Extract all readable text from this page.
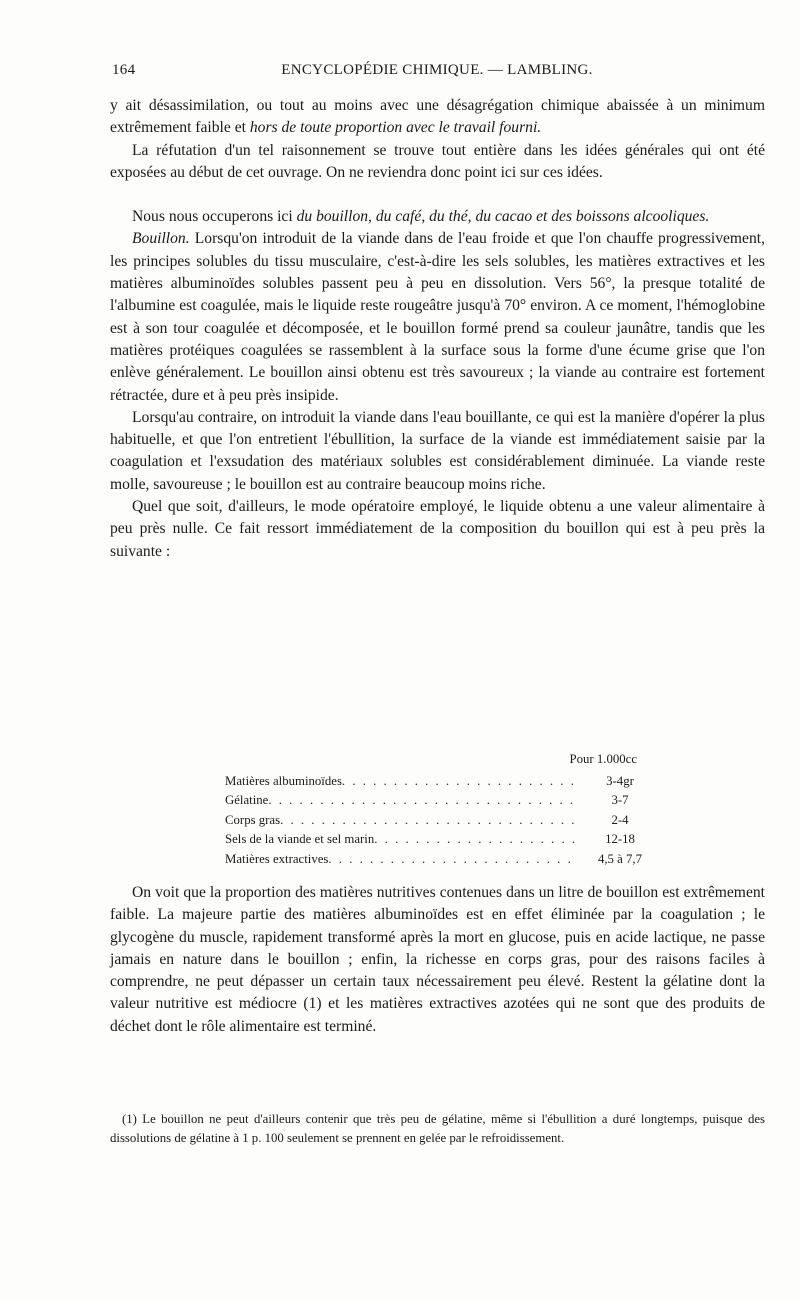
164	ENCYCLOPÉDIE CHIMIQUE. — LAMBLING.

y ait désassimilation, ou tout au moins avec une désagrégation chimique abaissée à un minimum extrêmement faible et hors de toute proportion avec le travail fourni.

La réfutation d'un tel raisonnement se trouve tout entière dans les idées générales qui ont été exposées au début de cet ouvrage. On ne reviendra donc point ici sur ces idées.

Nous nous occuperons ici du bouillon, du café, du thé, du cacao et des boissons alcooliques.

Bouillon. Lorsqu'on introduit de la viande dans de l'eau froide et que l'on chauffe progressivement, les principes solubles du tissu musculaire, c'est-à-dire les sels solubles, les matières extractives et les matières albuminoïdes solubles passent peu à peu en dissolution. Vers 56°, la presque totalité de l'albumine est coagulée, mais le liquide reste rougeâtre jusqu'à 70° environ. A ce moment, l'hémoglobine est à son tour coagulée et décomposée, et le bouillon formé prend sa couleur jaunâtre, tandis que les matières protéiques coagulées se rassemblent à la surface sous la forme d'une écume grise que l'on enlève généralement. Le bouillon ainsi obtenu est très savoureux ; la viande au contraire est fortement rétractée, dure et à peu près insipide.

Lorsqu'au contraire, on introduit la viande dans l'eau bouillante, ce qui est la manière d'opérer la plus habituelle, et que l'on entretient l'ébullition, la surface de la viande est immédiatement saisie par la coagulation et l'exsudation des matériaux solubles est considérablement diminuée. La viande reste molle, savoureuse ; le bouillon est au contraire beaucoup moins riche.

Quel que soit, d'ailleurs, le mode opératoire employé, le liquide obtenu a une valeur alimentaire à peu près nulle. Ce fait ressort immédiatement de la composition du bouillon qui est à peu près la suivante :

Pour 1.000cc
Matières albuminoïdes . . .	3-4gr
Gélatine . . .	3-7
Corps gras . . .	2-4
Sels de la viande et sel marin . . .	12-18
Matières extractives . . .	4,5 à 7,7

On voit que la proportion des matières nutritives contenues dans un litre de bouillon est extrêmement faible. La majeure partie des matières albuminoïdes est en effet éliminée par la coagulation ; le glycogène du muscle, rapidement transformé après la mort en glucose, puis en acide lactique, ne passe jamais en nature dans le bouillon ; enfin, la richesse en corps gras, pour des raisons faciles à comprendre, ne peut dépasser un certain taux nécessairement peu élevé. Restent la gélatine dont la valeur nutritive est médiocre (1) et les matières extractives azotées qui ne sont que des produits de déchet dont le rôle alimentaire est terminé.

(1) Le bouillon ne peut d'ailleurs contenir que très peu de gélatine, même si l'ébullition a duré longtemps, puisque des dissolutions de gélatine à 1 p. 100 seulement se prennent en gelée par le refroidissement.
